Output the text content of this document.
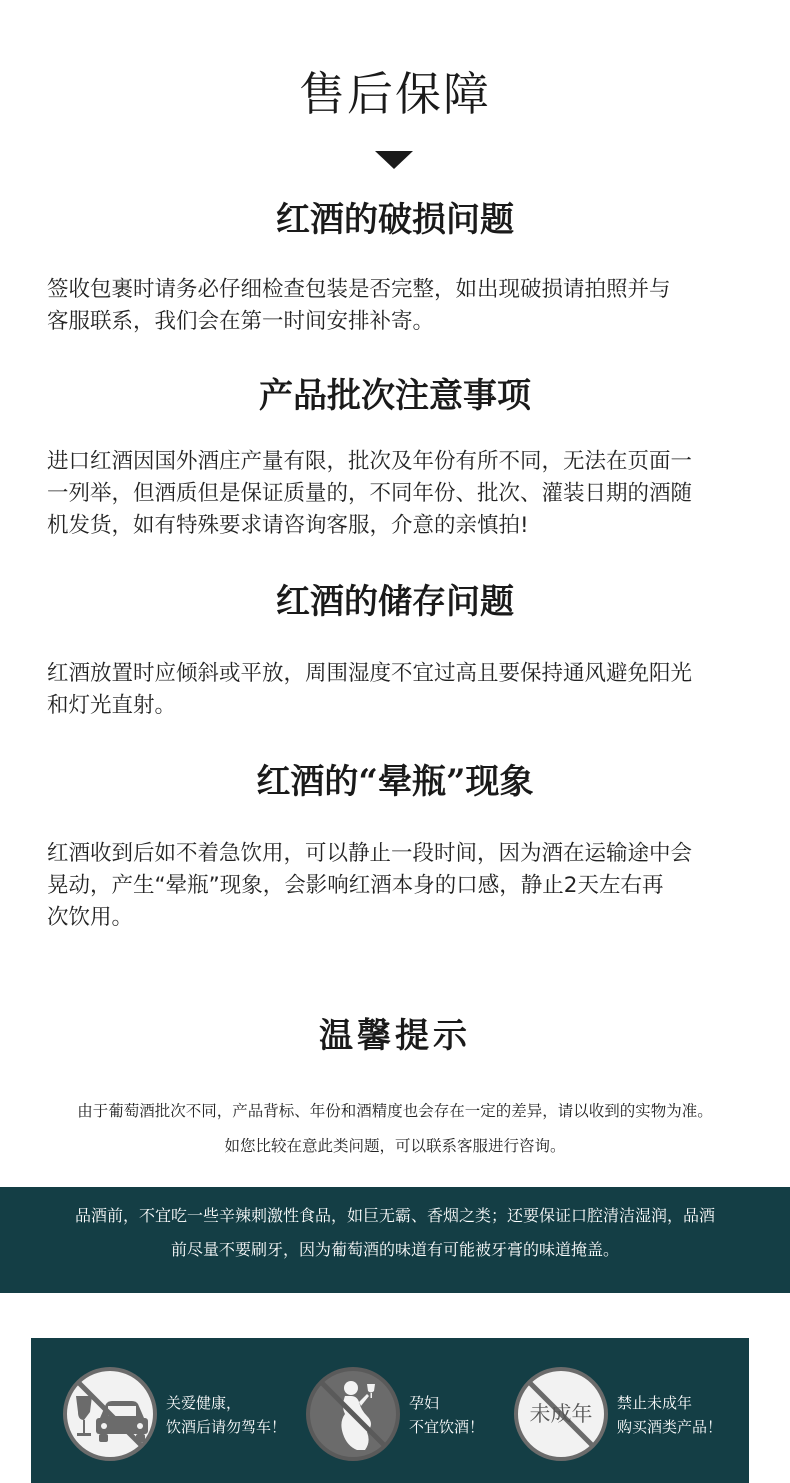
售后保障
红酒的破损问题
签收包裹时请务必仔细检查包装是否完整，如出现破损请拍照并与
客服联系，我们会在第一时间安排补寄。
产品批次注意事项
进口红酒因国外酒庄产量有限，批次及年份有所不同，无法在页面一
一列举，但酒质但是保证质量的，不同年份、批次、灌装日期的酒随
机发货，如有特殊要求请咨询客服，介意的亲慎拍!
红酒的储存问题
红酒放置时应倾斜或平放，周围湿度不宜过高且要保持通风避免阳光
和灯光直射。
红酒的“晕瓶”现象
红酒收到后如不着急饮用，可以静止一段时间，因为酒在运输途中会
晃动，产生“晕瓶”现象，会影响红酒本身的口感，静止2天左右再
次饮用。
温馨提示
由于葡萄酒批次不同，产品背标、年份和酒精度也会存在一定的差异，请以收到的实物为准。
如您比较在意此类问题，可以联系客服进行咨询。
品酒前，不宜吃一些辛辣刺激性食品，如巨无霸、香烟之类；还要保证口腔清洁湿润，品酒
前尽量不要刷牙，因为葡萄酒的味道有可能被牙膏的味道掩盖。
关爱健康，
饮酒后请勿驾车！
孕妇
不宜饮酒！
未成年 禁止未成年
购买酒类产品！
